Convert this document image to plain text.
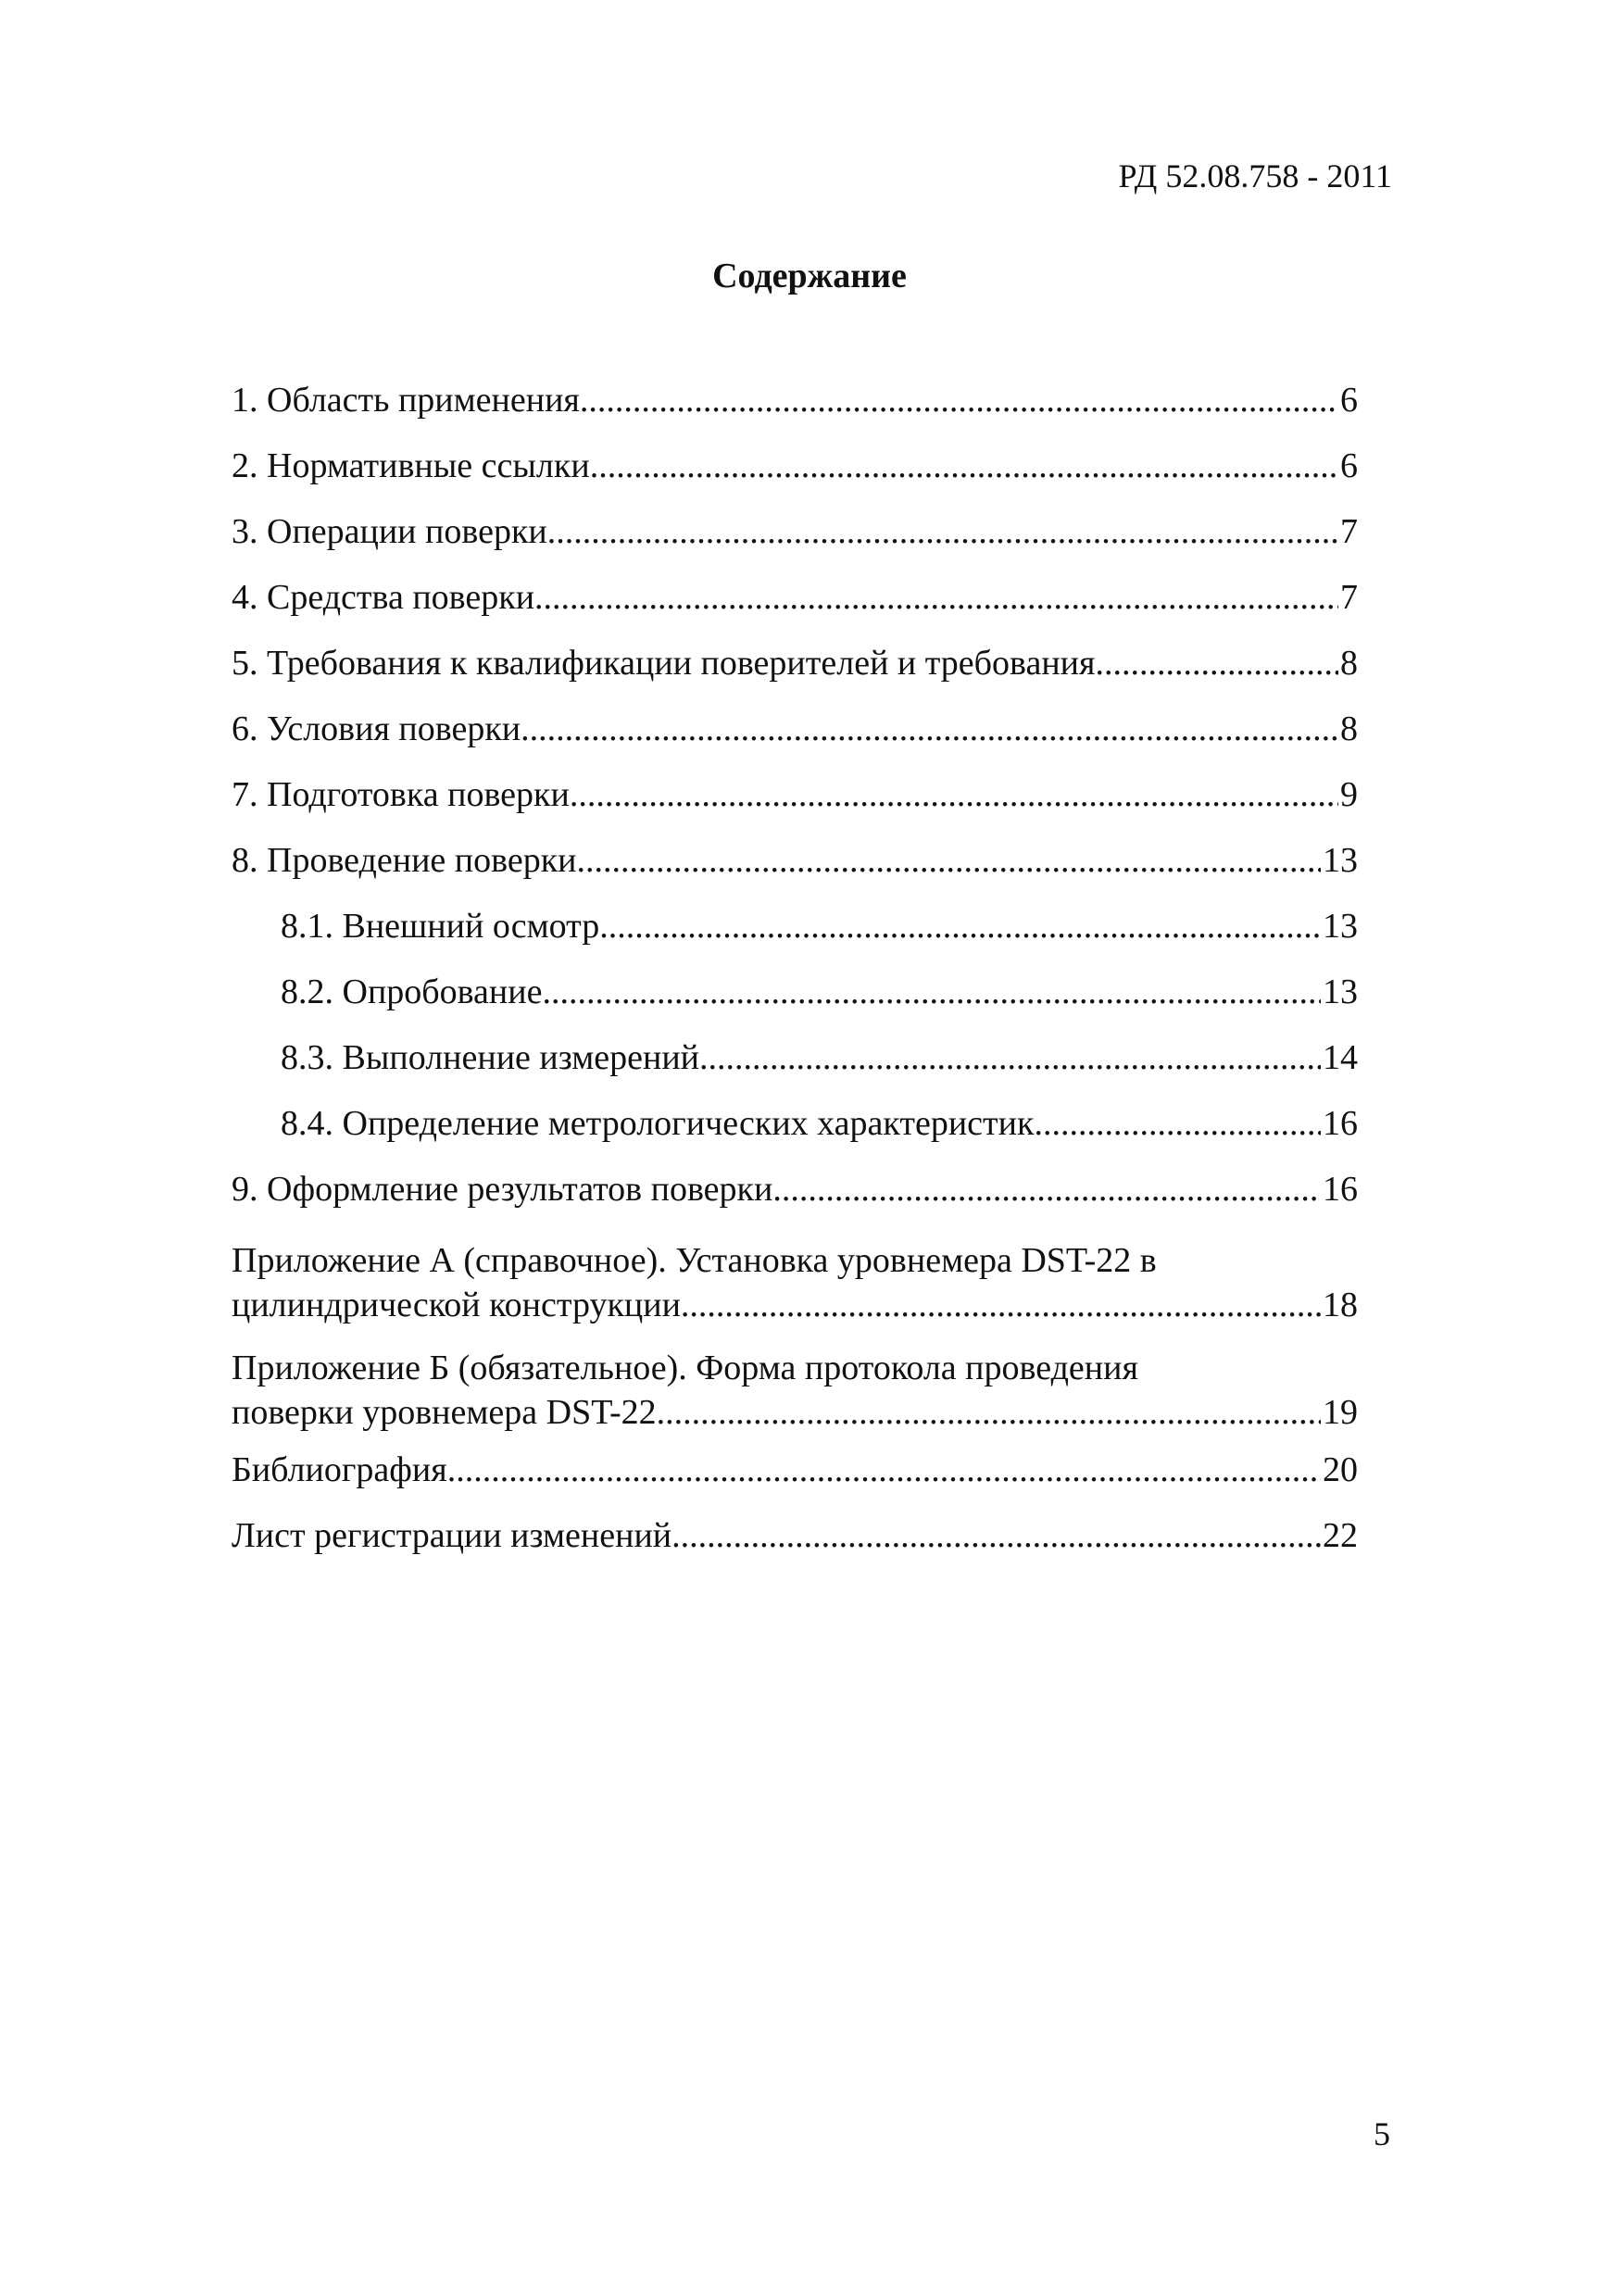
РД 52.08.758 - 2011
Содержание
1. Область применения .....	6
2. Нормативные ссылки .....	6
3. Операции поверки .....	7
4. Средства поверки .....	7
5. Требования к квалификации поверителей и требования .....	8
6. Условия поверки .....	8
7. Подготовка поверки .....	9
8. Проведение поверки .....	13
8.1. Внешний осмотр .....	13
8.2. Опробование .....	13
8.3. Выполнение измерений .....	14
8.4. Определение метрологических характеристик .....	16
9. Оформление результатов поверки .....	16
Приложение А (справочное). Установка уровнемера DST-22 в
цилиндрической конструкции .....	18
Приложение Б (обязательное). Форма протокола проведения
поверки уровнемера DST-22 .....	19
Библиография .....	20
Лист регистрации изменений .....	22
5
